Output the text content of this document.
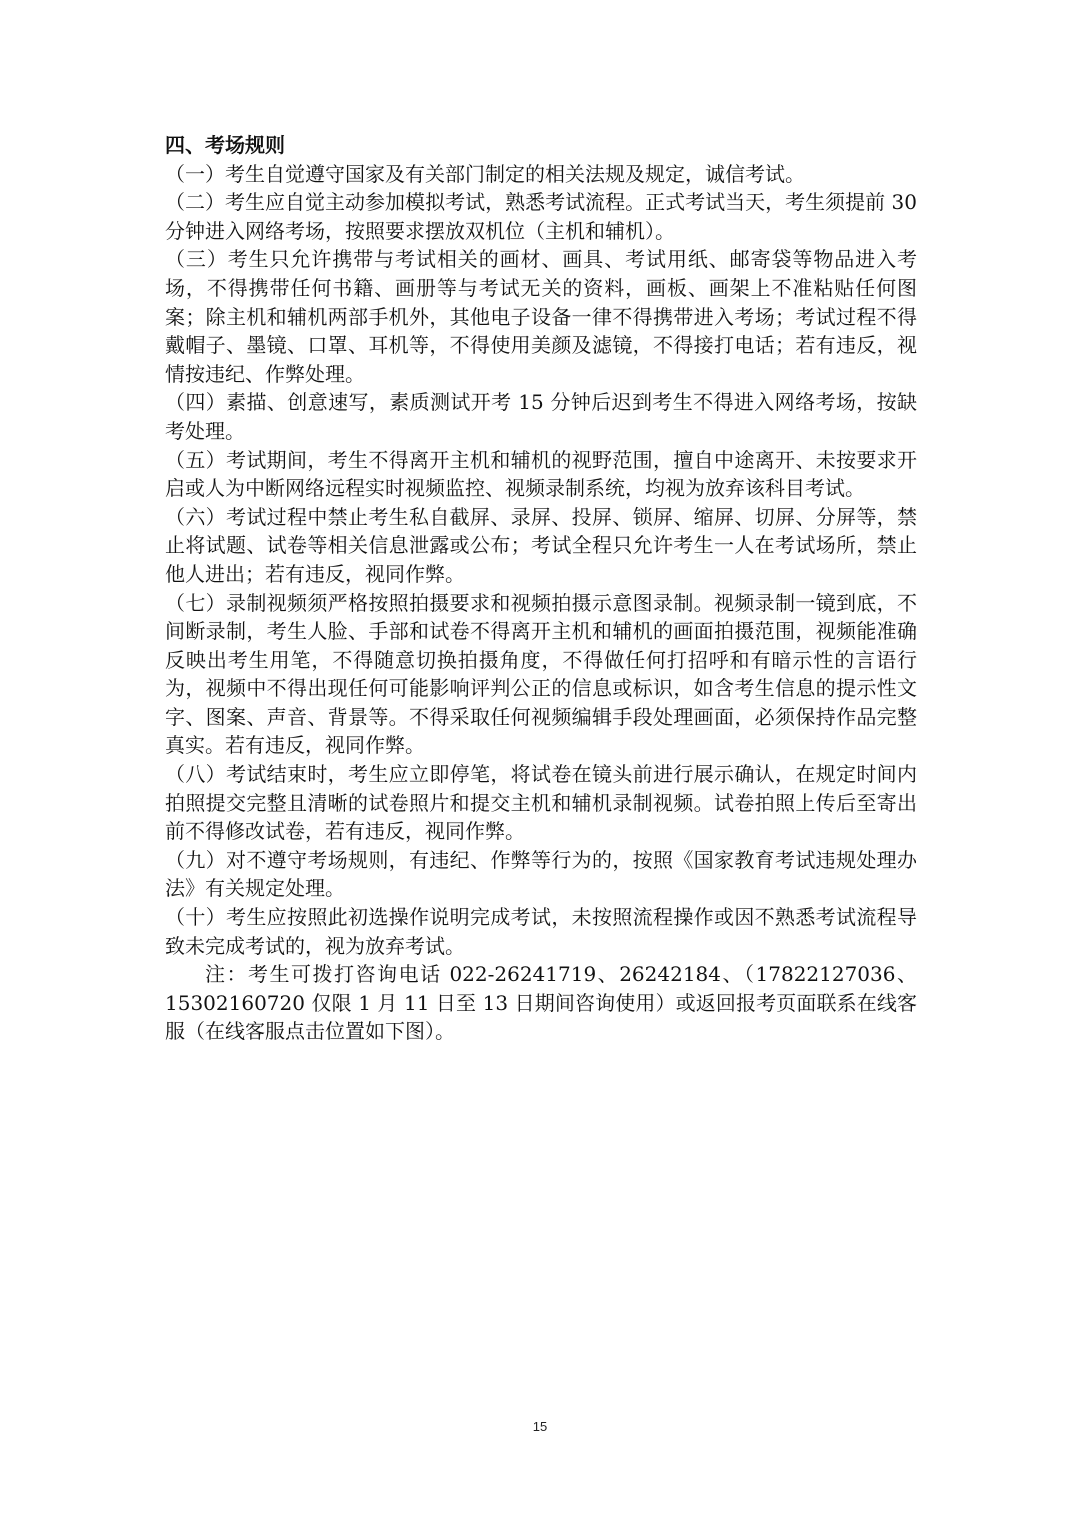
四、考场规则

（一）考生自觉遵守国家及有关部门制定的相关法规及规定，诚信考试。

（二）考生应自觉主动参加模拟考试，熟悉考试流程。正式考试当天，考生须提前 30 分钟进入网络考场，按照要求摆放双机位（主机和辅机）。

（三）考生只允许携带与考试相关的画材、画具、考试用纸、邮寄袋等物品进入考场，不得携带任何书籍、画册等与考试无关的资料，画板、画架上不准粘贴任何图案；除主机和辅机两部手机外，其他电子设备一律不得携带进入考场；考试过程不得戴帽子、墨镜、口罩、耳机等，不得使用美颜及滤镜，不得接打电话；若有违反，视情按违纪、作弊处理。

（四）素描、创意速写，素质测试开考 15 分钟后迟到考生不得进入网络考场，按缺考处理。

（五）考试期间，考生不得离开主机和辅机的视野范围，擅自中途离开、未按要求开启或人为中断网络远程实时视频监控、视频录制系统，均视为放弃该科目考试。

（六）考试过程中禁止考生私自截屏、录屏、投屏、锁屏、缩屏、切屏、分屏等，禁止将试题、试卷等相关信息泄露或公布；考试全程只允许考生一人在考试场所，禁止他人进出；若有违反，视同作弊。

（七）录制视频须严格按照拍摄要求和视频拍摄示意图录制。视频录制一镜到底，不间断录制，考生人脸、手部和试卷不得离开主机和辅机的画面拍摄范围，视频能准确反映出考生用笔，不得随意切换拍摄角度，不得做任何打招呼和有暗示性的言语行为，视频中不得出现任何可能影响评判公正的信息或标识，如含考生信息的提示性文字、图案、声音、背景等。不得采取任何视频编辑手段处理画面，必须保持作品完整真实。若有违反，视同作弊。

（八）考试结束时，考生应立即停笔，将试卷在镜头前进行展示确认，在规定时间内拍照提交完整且清晰的试卷照片和提交主机和辅机录制视频。试卷拍照上传后至寄出前不得修改试卷，若有违反，视同作弊。

（九）对不遵守考场规则，有违纪、作弊等行为的，按照《国家教育考试违规处理办法》有关规定处理。

（十）考生应按照此初选操作说明完成考试，未按照流程操作或因不熟悉考试流程导致未完成考试的，视为放弃考试。

注：考生可拨打咨询电话 022-26241719、26242184、（17822127036、15302160720 仅限 1 月 11 日至 13 日期间咨询使用）或返回报考页面联系在线客服（在线客服点击位置如下图）。

15
